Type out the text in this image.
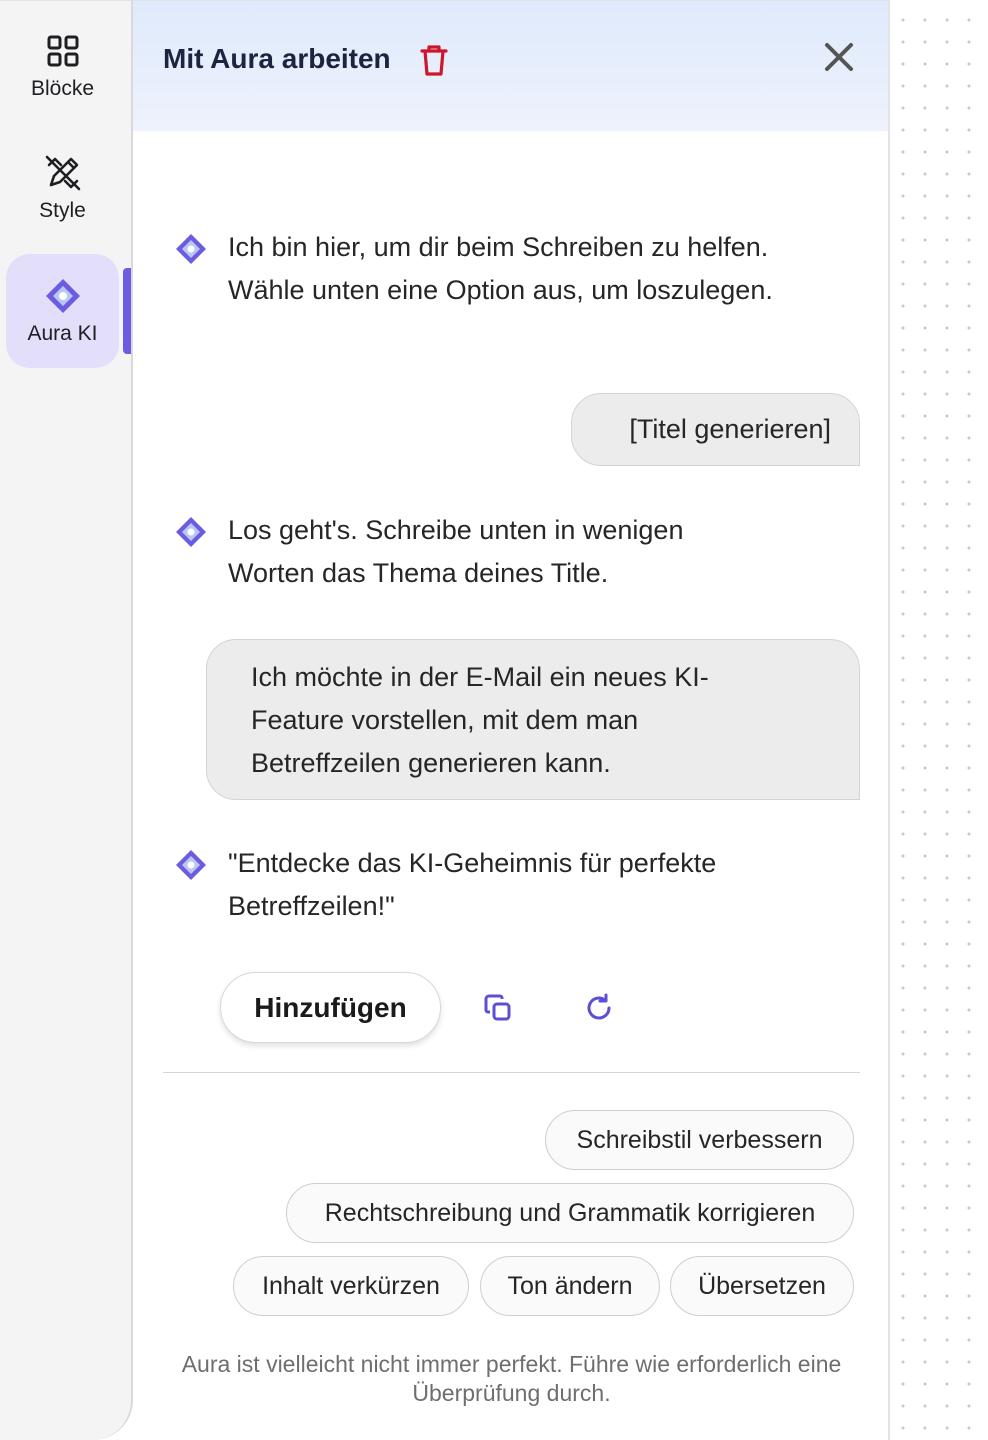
Blöcke
Style
Aura KI
Mit Aura arbeiten
Ich bin hier, um dir beim Schreiben zu helfen.
Wähle unten eine Option aus, um loszulegen.
[Titel generieren]
Los geht's. Schreibe unten in wenigen
Worten das Thema deines Title.
Ich möchte in der E-Mail ein neues KI-
Feature vorstellen, mit dem man
Betreffzeilen generieren kann.
"Entdecke das KI-Geheimnis für perfekte
Betreffzeilen!"
Hinzufügen
Schreibstil verbessern
Rechtschreibung und Grammatik korrigieren
Inhalt verkürzen	Ton ändern	Übersetzen
Aura ist vielleicht nicht immer perfekt. Führe wie erforderlich eine
Überprüfung durch.
